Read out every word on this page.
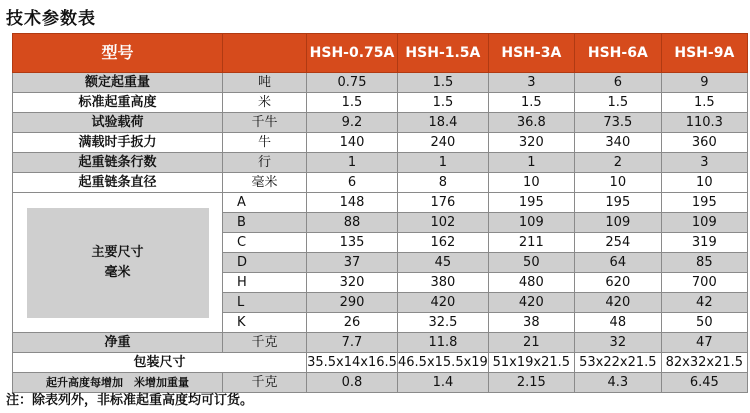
技术参数表
型号		HSH-0.75A	HSH-1.5A	HSH-3A	HSH-6A	HSH-9A
额定起重量	吨	0.75	1.5	3	6	9
标准起重高度	米	1.5	1.5	1.5	1.5	1.5
试验载荷	千牛	9.2	18.4	36.8	73.5	110.3
满载时手扳力	牛	140	240	320	340	360
起重链条行数	行	1	1	1	2	3
起重链条直径	毫米	6	8	10	10	10

主要尺寸
毫米	A	148	176	195	195	195
	B	88	102	109	109	109
	C	135	162	211	254	319
	D	37	45	50	64	85
	H	320	380	480	620	700
	L	290	420	420	420	42
	K	26	32.5	38	48	50
净重	千克	7.7	11.8	21	32	47
包装尺寸		35.5x14x16.5	46.5x15.5x19	51x19x21.5	53x22x21.5	82x32x21.5
起升高度每增加　米增加重量	千克	0.8	1.4	2.15	4.3	6.45
注：除表列外，非标准起重高度均可订货。
